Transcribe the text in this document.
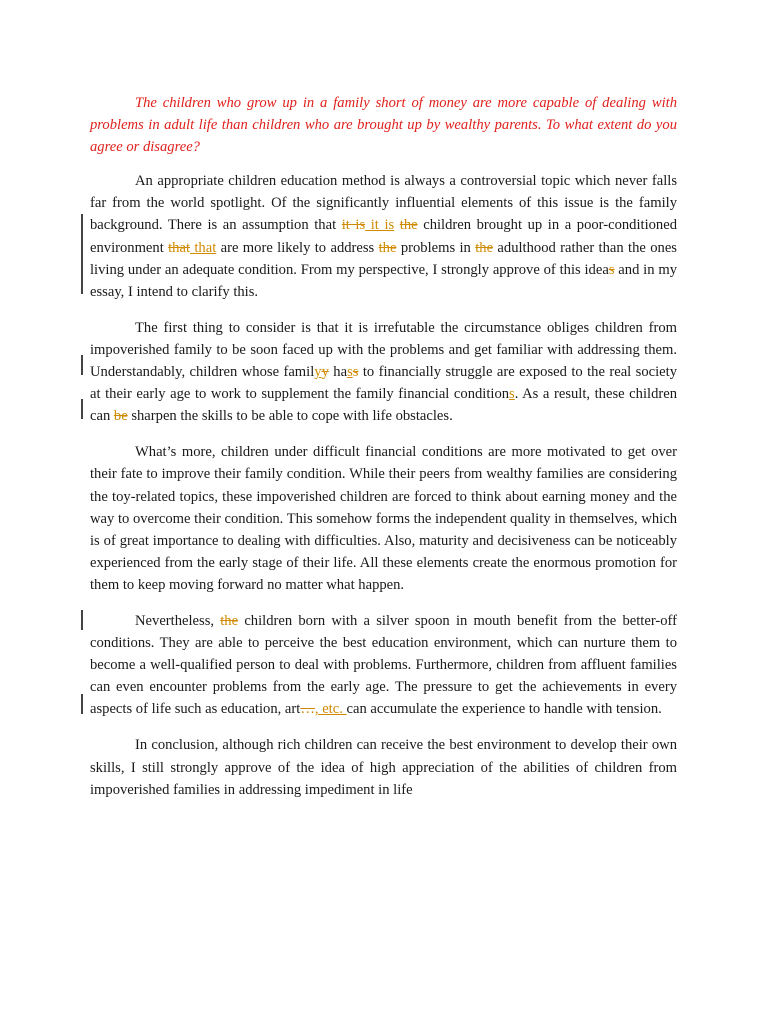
The children who grow up in a family short of money are more capable of dealing with problems in adult life than children who are brought up by wealthy parents. To what extent do you agree or disagree?

An appropriate children education method is always a controversial topic which never falls far from the world spotlight. Of the significantly influential elements of this issue is the family background. There is an assumption that it is it is the children brought up in a poor-conditioned environment that that are more likely to address the problems in the adulthood rather than the ones living under an adequate condition. From my perspective, I strongly approve of this ideas and in my essay, I intend to clarify this.

The first thing to consider is that it is irrefutable the circumstance obliges children from impoverished family to be soon faced up with the problems and get familiar with addressing them. Understandably, children whose familyy hass to financially struggle are exposed to the real society at their early age to work to supplement the family financial conditions. As a result, these children can be sharpen the skills to be able to cope with life obstacles.

What’s more, children under difficult financial conditions are more motivated to get over their fate to improve their family condition. While their peers from wealthy families are considering the toy-related topics, these impoverished children are forced to think about earning money and the way to overcome their condition. This somehow forms the independent quality in themselves, which is of great importance to dealing with difficulties. Also, maturity and decisiveness can be noticeably experienced from the early stage of their life. All these elements create the enormous promotion for them to keep moving forward no matter what happen.

Nevertheless, the children born with a silver spoon in mouth benefit from the better-off conditions. They are able to perceive the best education environment, which can nurture them to become a well-qualified person to deal with problems. Furthermore, children from affluent families can even encounter problems from the early age. The pressure to get the achievements in every aspects of life such as education, art…, etc. can accumulate the experience to handle with tension.

In conclusion, although rich children can receive the best environment to develop their own skills, I still strongly approve of the idea of high appreciation of the abilities of children from impoverished families in addressing impediment in life
